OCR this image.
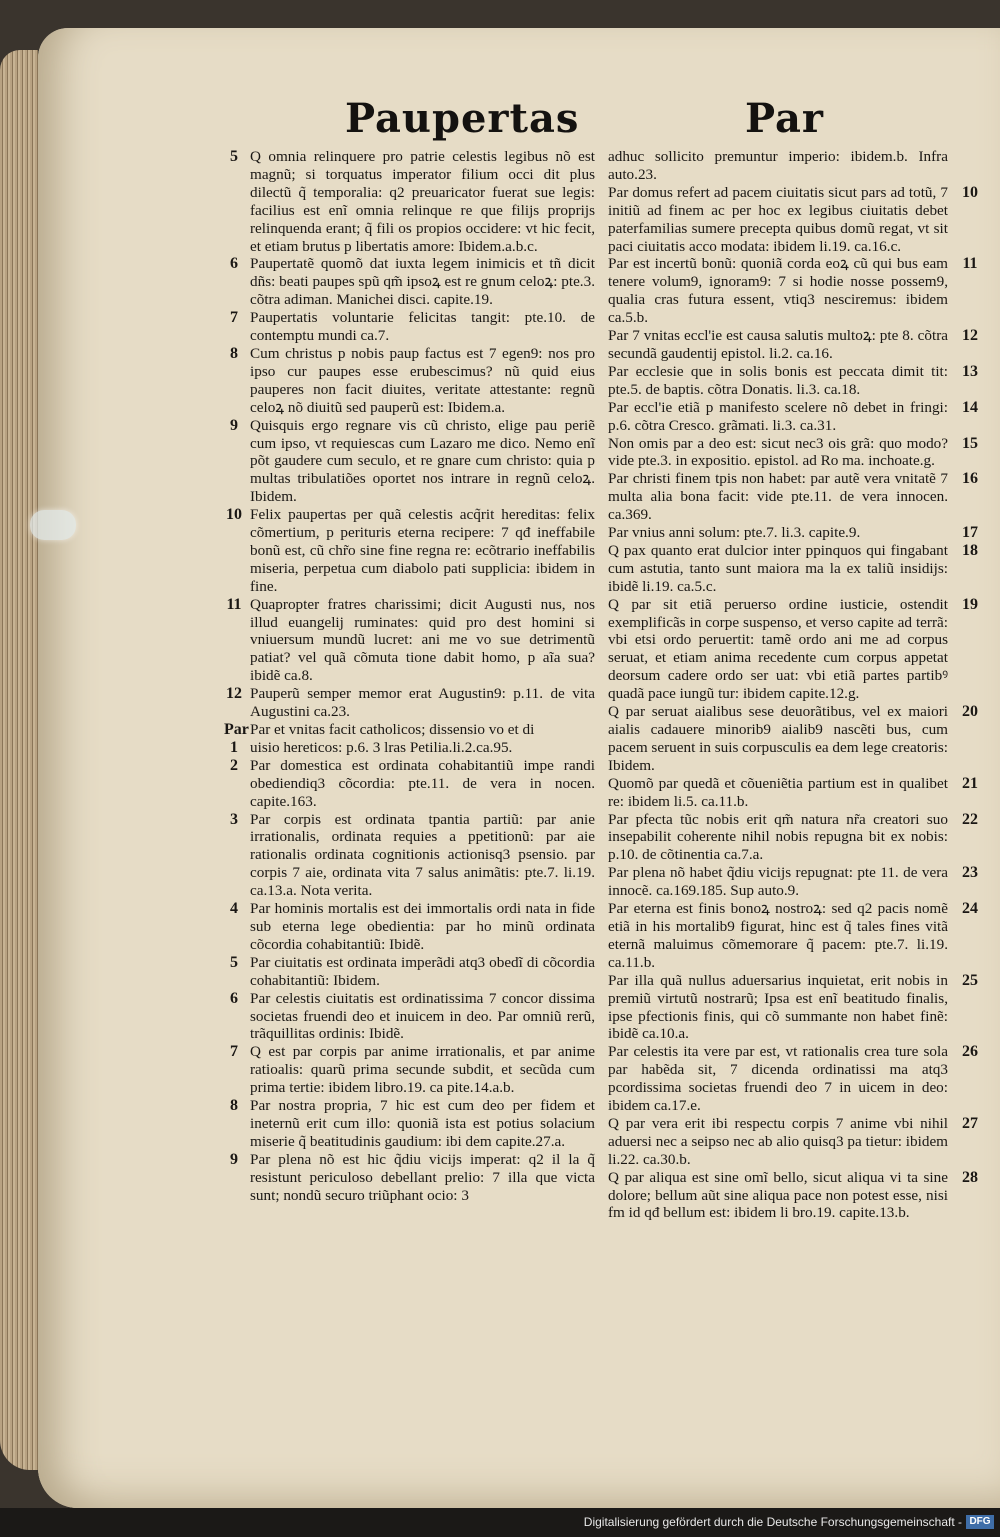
Paupertas	Par
5 Q omnia relinquere pro patrie celestis legibus nõ est magnũ; si torquatus imperator filium occi dit plus dilectũ q̃ temporalia: q2 preuaricator fuerat sue legis: facilius est enĩ omnia relinque re que filijs proprijs relinquenda erant; q̃ fili os propios occidere: vt hic fecit, et etiam brutus p libertatis amore: Ibidem.a.b.c.
6 Paupertatẽ quomõ dat iuxta legem inimicis et tñ dicit dñs: beati paupes spũ qm̃ ipsoꝝ est re gnum celoꝝ: pte.3. cõtra adiman. Manichei disci. capite.19.
7 Paupertatis voluntarie felicitas tangit: pte.10. de contemptu mundi ca.7.
8 Cum christus p nobis paup factus est 7 egen9: nos pro ipso cur paupes esse erubescimus? nũ quid eius pauperes non facit diuites, veritate attestante: regnũ celoꝝ nõ diuitũ sed pauperũ est: Ibidem.a.
9 Quisquis ergo regnare vis cũ christo, elige pau periẽ cum ipso, vt requiescas cum Lazaro me dico. Nemo enĩ põt gaudere cum seculo, et re gnare cum christo: quia p multas tribulatiões oportet nos intrare in regnũ celoꝝ. Ibidem.
10 Felix paupertas per quã celestis acq̃rit hereditas: felix cõmertium, p perituris eterna recipere: 7 qđ ineffabile bonũ est, cũ chr̃o sine fine regna re: ecõtrario ineffabilis miseria, perpetua cum diabolo pati supplicia: ibidem in fine.
11 Quapropter fratres charissimi; dicit Augusti nus, nos illud euangelij ruminates: quid pro dest homini si vniuersum mundũ lucret: ani me vo sue detrimentũ patiat? vel quã cõmuta tione dabit homo, p aĩa sua? ibidẽ ca.8.
12 Pauperũ semper memor erat Augustin9: p.11. de vita Augustini ca.23.
Par Par et vnitas facit catholicos; dissensio vo et di
1 uisio hereticos: p.6. 3 lras Petilia.li.2.ca.95.
2 Par domestica est ordinata cohabitantiũ impe randi obediendiq3 cõcordia: pte.11. de vera in nocen. capite.163.
3 Par corpis est ordinata tpantia partiũ: par anie irrationalis, ordinata requies a ppetitionũ: par aie rationalis ordinata cognitionis actionisq3 psensio. par corpis 7 aie, ordinata vita 7 salus animãtis: pte.7. li.19. ca.13.a. Nota verita.
4 Par hominis mortalis est dei immortalis ordi nata in fide sub eterna lege obedientia: par ho minũ ordinata cõcordia cohabitantiũ: Ibidẽ.
5 Par ciuitatis est ordinata imperãdi atq3 obedĩ di cõcordia cohabitantiũ: Ibidem.
6 Par celestis ciuitatis est ordinatissima 7 concor dissima societas fruendi deo et inuicem in deo. Par omniũ rerũ, trãquillitas ordinis: Ibidẽ.
7 Q est par corpis par anime irrationalis, et par anime ratioalis: quarũ prima secunde subdit, et secũda cum prima tertie: ibidem libro.19. ca pite.14.a.b.
8 Par nostra propria, 7 hic est cum deo per fidem et ineternũ erit cum illo: quoniã ista est potius solacium miserie q̃ beatitudinis gaudium: ibi dem capite.27.a.
9 Par plena nõ est hic q̃diu vicijs imperat: q2 il la q̃ resistunt periculoso debellant prelio: 7 illa que victa sunt; nondũ securo triũphant ocio: 3
adhuc sollicito premuntur imperio: ibidem.b. Infra auto.23.
10
Par domus refert ad pacem ciuitatis sicut pars ad totũ, 7 initiũ ad finem ac per hoc ex legibus ciuitatis debet paterfamilias sumere precepta quibus domũ regat, vt sit paci ciuitatis acco modata: ibidem li.19. ca.16.c.
11
Par est incertũ bonũ: quoniã corda eoꝝ cũ qui bus eam tenere volum9, ignoram9: 7 si hodie nosse possem9, qualia cras futura essent, vtiq3 nesciremus: ibidem ca.5.b.
12
Par 7 vnitas eccl'ie est causa salutis multoꝝ: pte 8. cõtra secundã gaudentij epistol. li.2. ca.16.
13
Par ecclesie que in solis bonis est peccata dimit tit: pte.5. de baptis. cõtra Donatis. li.3. ca.18.
14
Par eccl'ie etiã p manifesto scelere nõ debet in fringi: p.6. cõtra Cresco. grãmati. li.3. ca.31.
15
Non omis par a deo est: sicut nec3 ois grã: quo modo? vide pte.3. in expositio. epistol. ad Ro ma. inchoate.g.
16
Par christi finem tpis non habet: par autẽ vera vnitatẽ 7 multa alia bona facit: vide pte.11. de vera innocen. ca.369.
17
Par vnius anni solum: pte.7. li.3. capite.9.
18
Q pax quanto erat dulcior inter ppinquos qui fingabant cum astutia, tanto sunt maiora ma la ex taliũ insidijs: ibidẽ li.19. ca.5.c.
19
Q par sit etiã peruerso ordine iusticie, ostendit exemplificãs in corpe suspenso, et verso capite ad terrã: vbi etsi ordo peruertit: tamẽ ordo ani me ad corpus seruat, et etiam anima recedente cum corpus appetat deorsum cadere ordo ser uat: vbi etiã partes partibꝰ quadã pace iungũ tur: ibidem capite.12.g.
20
Q par seruat aialibus sese deuorãtibus, vel ex maiori aialis cadauere minorib9 aialib9 nascẽti bus, cum pacem seruent in suis corpusculis ea dem lege creatoris: Ibidem.
21
Quomõ par quedã et cõueniẽtia partium est in qualibet re: ibidem li.5. ca.11.b.
22
Par pfecta tũc nobis erit qm̃ natura nr̃a creatori suo insepabilit coherente nihil nobis repugna bit ex nobis: p.10. de cõtinentia ca.7.a.
23
Par plena nõ habet q̃diu vicijs repugnat: pte 11. de vera innocẽ. ca.169.185. Sup auto.9.
24
Par eterna est finis bonoꝝ nostroꝝ: sed q2 pacis nomẽ etiã in his mortalib9 figurat, hinc est q̃ tales fines vitã eternã maluimus cõmemorare q̃ pacem: pte.7. li.19. ca.11.b.
25
Par illa quã nullus aduersarius inquietat, erit nobis in premiũ virtutũ nostrarũ; Ipsa est enĩ beatitudo finalis, ipse pfectionis finis, qui cõ summante non habet finẽ: ibidẽ ca.10.a.
26
Par celestis ita vere par est, vt rationalis crea ture sola par habẽda sit, 7 dicenda ordinatissi ma atq3 pcordissima societas fruendi deo 7 in uicem in deo: ibidem ca.17.e.
27
Q par vera erit ibi respectu corpis 7 anime vbi nihil aduersi nec a seipso nec ab alio quisq3 pa tietur: ibidem li.22. ca.30.b.
28
Q par aliqua est sine omĩ bello, sicut aliqua vi ta sine dolore; bellum aũt sine aliqua pace non potest esse, nisi fm id qđ bellum est: ibidem li bro.19. capite.13.b.
Digitalisierung gefördert durch die Deutsche Forschungsgemeinschaft - DFG
